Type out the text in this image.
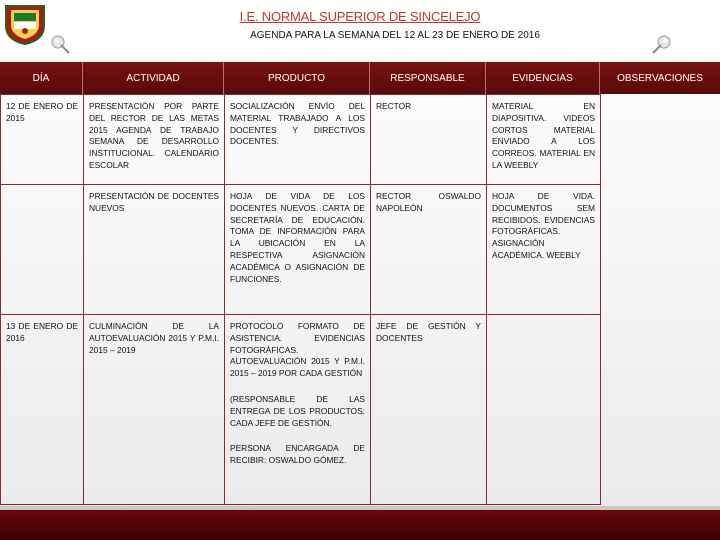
I.E. NORMAL SUPERIOR DE SINCELEJO
AGENDA PARA LA SEMANA DEL 12 AL 23 DE ENERO DE 2016
DÍA	ACTIVIDAD	PRODUCTO	RESPONSABLE	EVIDENCIAS	OBSERVACIONES
12 DE ENERO DE 2015	PRESENTACIÓN POR PARTE DEL RECTOR DE LAS METAS 2015 AGENDA DE TRABAJO SEMANA DE DESARROLLO INSTITUCIONAL. CALENDARIO ESCOLAR	SOCIALIZACIÓN ENVÍO DEL MATERIAL TRABAJADO A LOS DOCENTES Y DIRECTIVOS DOCENTES.	RECTOR	MATERIAL EN DIAPOSITIVA. VIDEOS CORTOS MATERIAL ENVIADO A LOS CORREOS. MATERIAL EN LA WEEBLY
	PRESENTACIÓN DE DOCENTES NUEVOS	HOJA DE VIDA DE LOS DOCENTES NUEVOS. CARTA DE SECRETARÍA DE EDUCACIÓN. TOMA DE INFORMACIÓN PARA LA UBICACIÓN EN LA RESPECTIVA ASIGNACIÓN ACADÉMICA O ASIGNACIÓN DE FUNCIONES.	RECTOR OSWALDO NAPOLEÓN	HOJA DE VIDA. DOCUMENTOS SEM RECIBIDOS. EVIDENCIAS FOTOGRÁFICAS. ASIGNACIÓN ACADÉMICA. WEEBLY
13 DE ENERO DE 2016	CULMINACIÓN DE LA AUTOEVALUACIÓN 2015 Y P.M.I. 2015 – 2019	PROTOCOLO FORMATO DE ASISTENCIA. EVIDENCIAS FOTOGRÁFICAS. AUTOEVALUACIÓN 2015 Y P.M.I. 2015 – 2019 POR CADA GESTIÓN
(RESPONSABLE DE LAS ENTREGA DE LOS PRODUCTOS: CADA JEFE DE GESTIÓN.
PERSONA ENCARGADA DE RECIBIR: OSWALDO GÓMEZ.	JEFE DE GESTIÓN Y DOCENTES	
